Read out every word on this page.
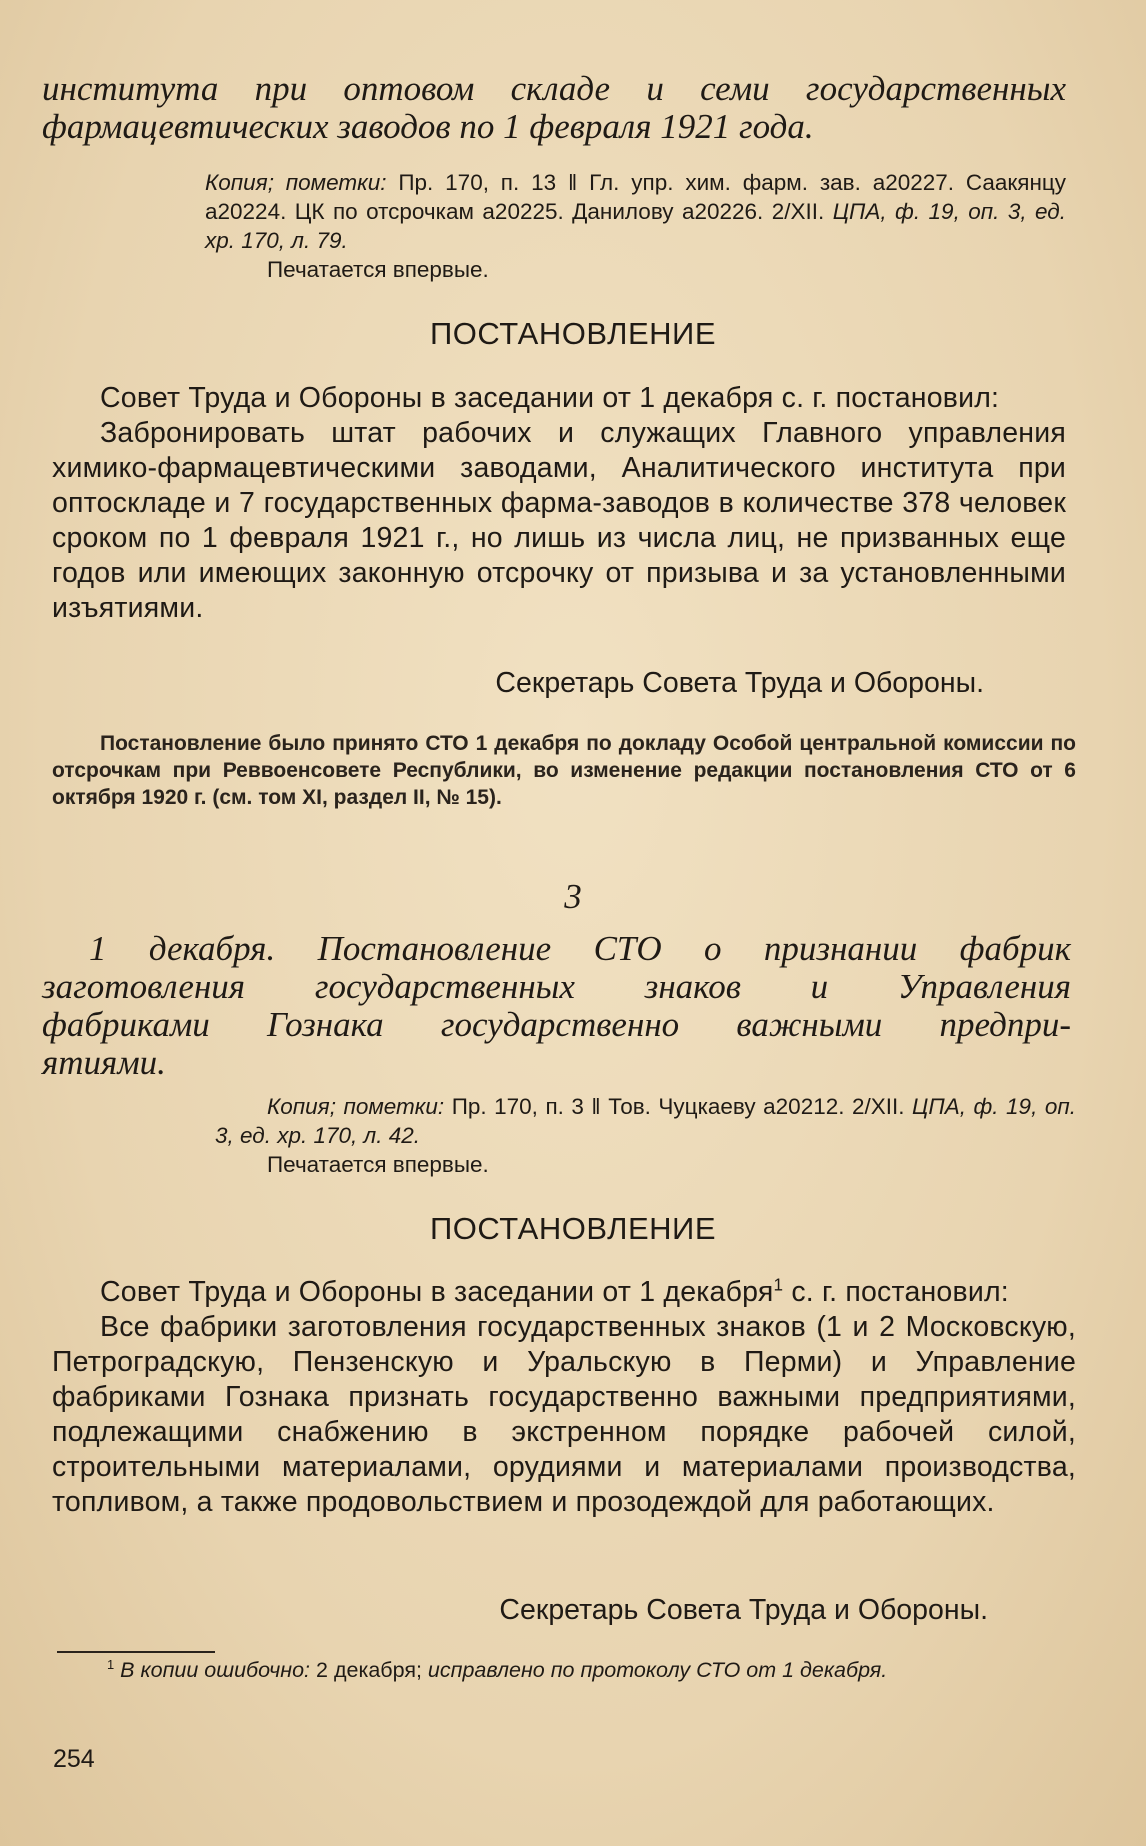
института при оптовом складе и семи государственных

фармацевтических заводов по 1 февраля 1921 года.

Копия; пометки: Пр. 170, п. 13 ‖ Гл. упр. хим. фарм. зав. а20227. Саакянцу а20224. ЦК по отсрочкам а20225. Данилову а20226. 2/XII. ЦПА, ф. 19, оп. 3, ед. хр. 170, л. 79.

Печатается впервые.

ПОСТАНОВЛЕНИЕ

Совет Труда и Обороны в заседании от 1 декабря с. г. постановил:

Забронировать штат рабочих и служащих Главного управления химико-фармацевтическими заводами, Аналитического института при оптоскладе и 7 государственных фарма-заводов в количестве 378 человек сроком по 1 февраля 1921 г., но лишь из числа лиц, не призванных еще годов или имеющих законную отсрочку от призыва и за установленными изъятиями.

Секретарь Совета Труда и Обороны.

Постановление было принято СТО 1 декабря по докладу Особой центральной комиссии по отсрочкам при Реввоенсовете Республики, во изменение редакции постановления СТО от 6 октября 1920 г. (см. том XI, раздел II, № 15).

3

1 декабря. Постановление СТО о признании фабрик

заготовления государственных знаков и Управления

фабриками Гознака государственно важными предпри-

ятиями.

Копия; пометки: Пр. 170, п. 3 ‖ Тов. Чуцкаеву а20212. 2/XII. ЦПА, ф. 19, оп. 3, ед. хр. 170, л. 42.

Печатается впервые.

ПОСТАНОВЛЕНИЕ

Совет Труда и Обороны в заседании от 1 декабря$^1$ с. г. постановил:

Все фабрики заготовления государственных знаков (1 и 2 Московскую, Петроградскую, Пензенскую и Уральскую в Перми) и Управление фабриками Гознака признать государственно важными предприятиями, подлежащими снабжению в экстренном порядке рабочей силой, строительными материалами, орудиями и материалами производства, топливом, а также продовольствием и прозодеждой для работающих.

Секретарь Совета Труда и Обороны.

$^1$ В копии ошибочно: 2 декабря; исправлено по протоколу СТО от 1 декабря.

254
